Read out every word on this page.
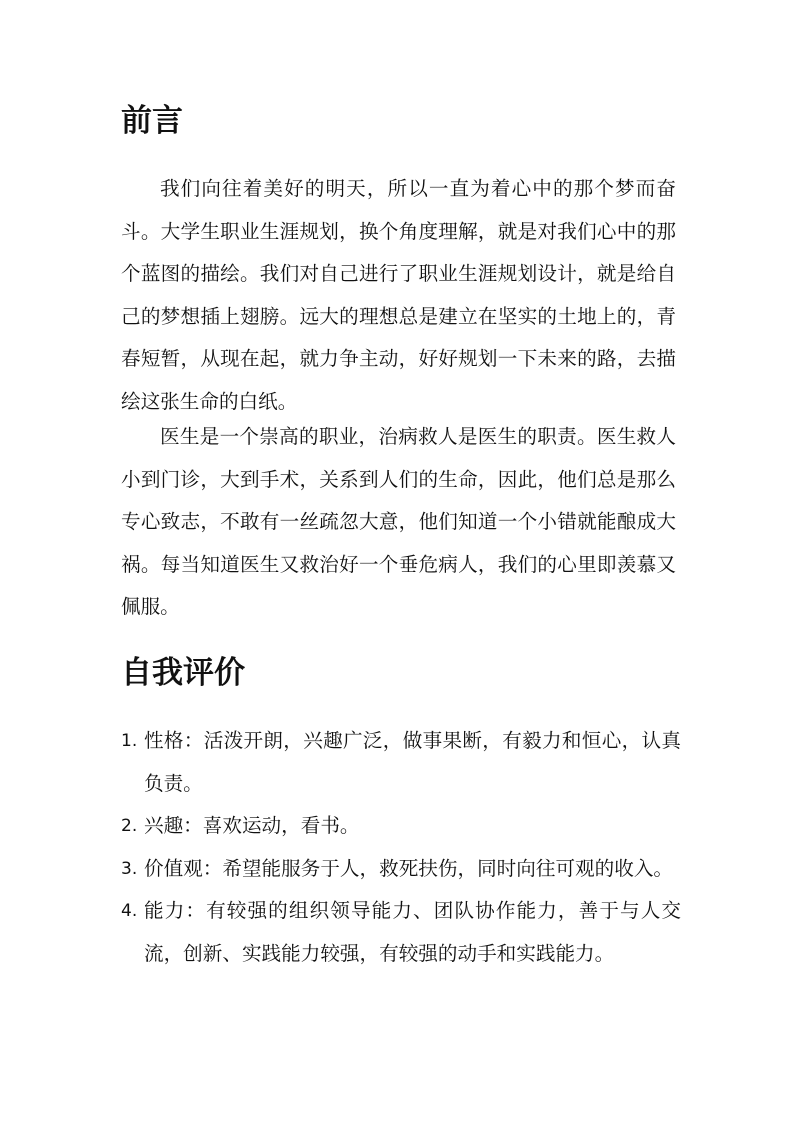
前言

我们向往着美好的明天，所以一直为着心中的那个梦而奋斗。大学生职业生涯规划，换个角度理解，就是对我们心中的那个蓝图的描绘。我们对自己进行了职业生涯规划设计，就是给自己的梦想插上翅膀。远大的理想总是建立在坚实的土地上的，青春短暂，从现在起，就力争主动，好好规划一下未来的路，去描绘这张生命的白纸。

医生是一个崇高的职业，治病救人是医生的职责。医生救人小到门诊，大到手术，关系到人们的生命，因此，他们总是那么专心致志，不敢有一丝疏忽大意，他们知道一个小错就能酿成大祸。每当知道医生又救治好一个垂危病人，我们的心里即羡慕又佩服。

自我评价
1. 性格：活泼开朗，兴趣广泛，做事果断，有毅力和恒心，认真负责。
2. 兴趣：喜欢运动，看书。
3. 价值观：希望能服务于人，救死扶伤，同时向往可观的收入。
4. 能力：有较强的组织领导能力、团队协作能力，善于与人交流，创新、实践能力较强，有较强的动手和实践能力。
